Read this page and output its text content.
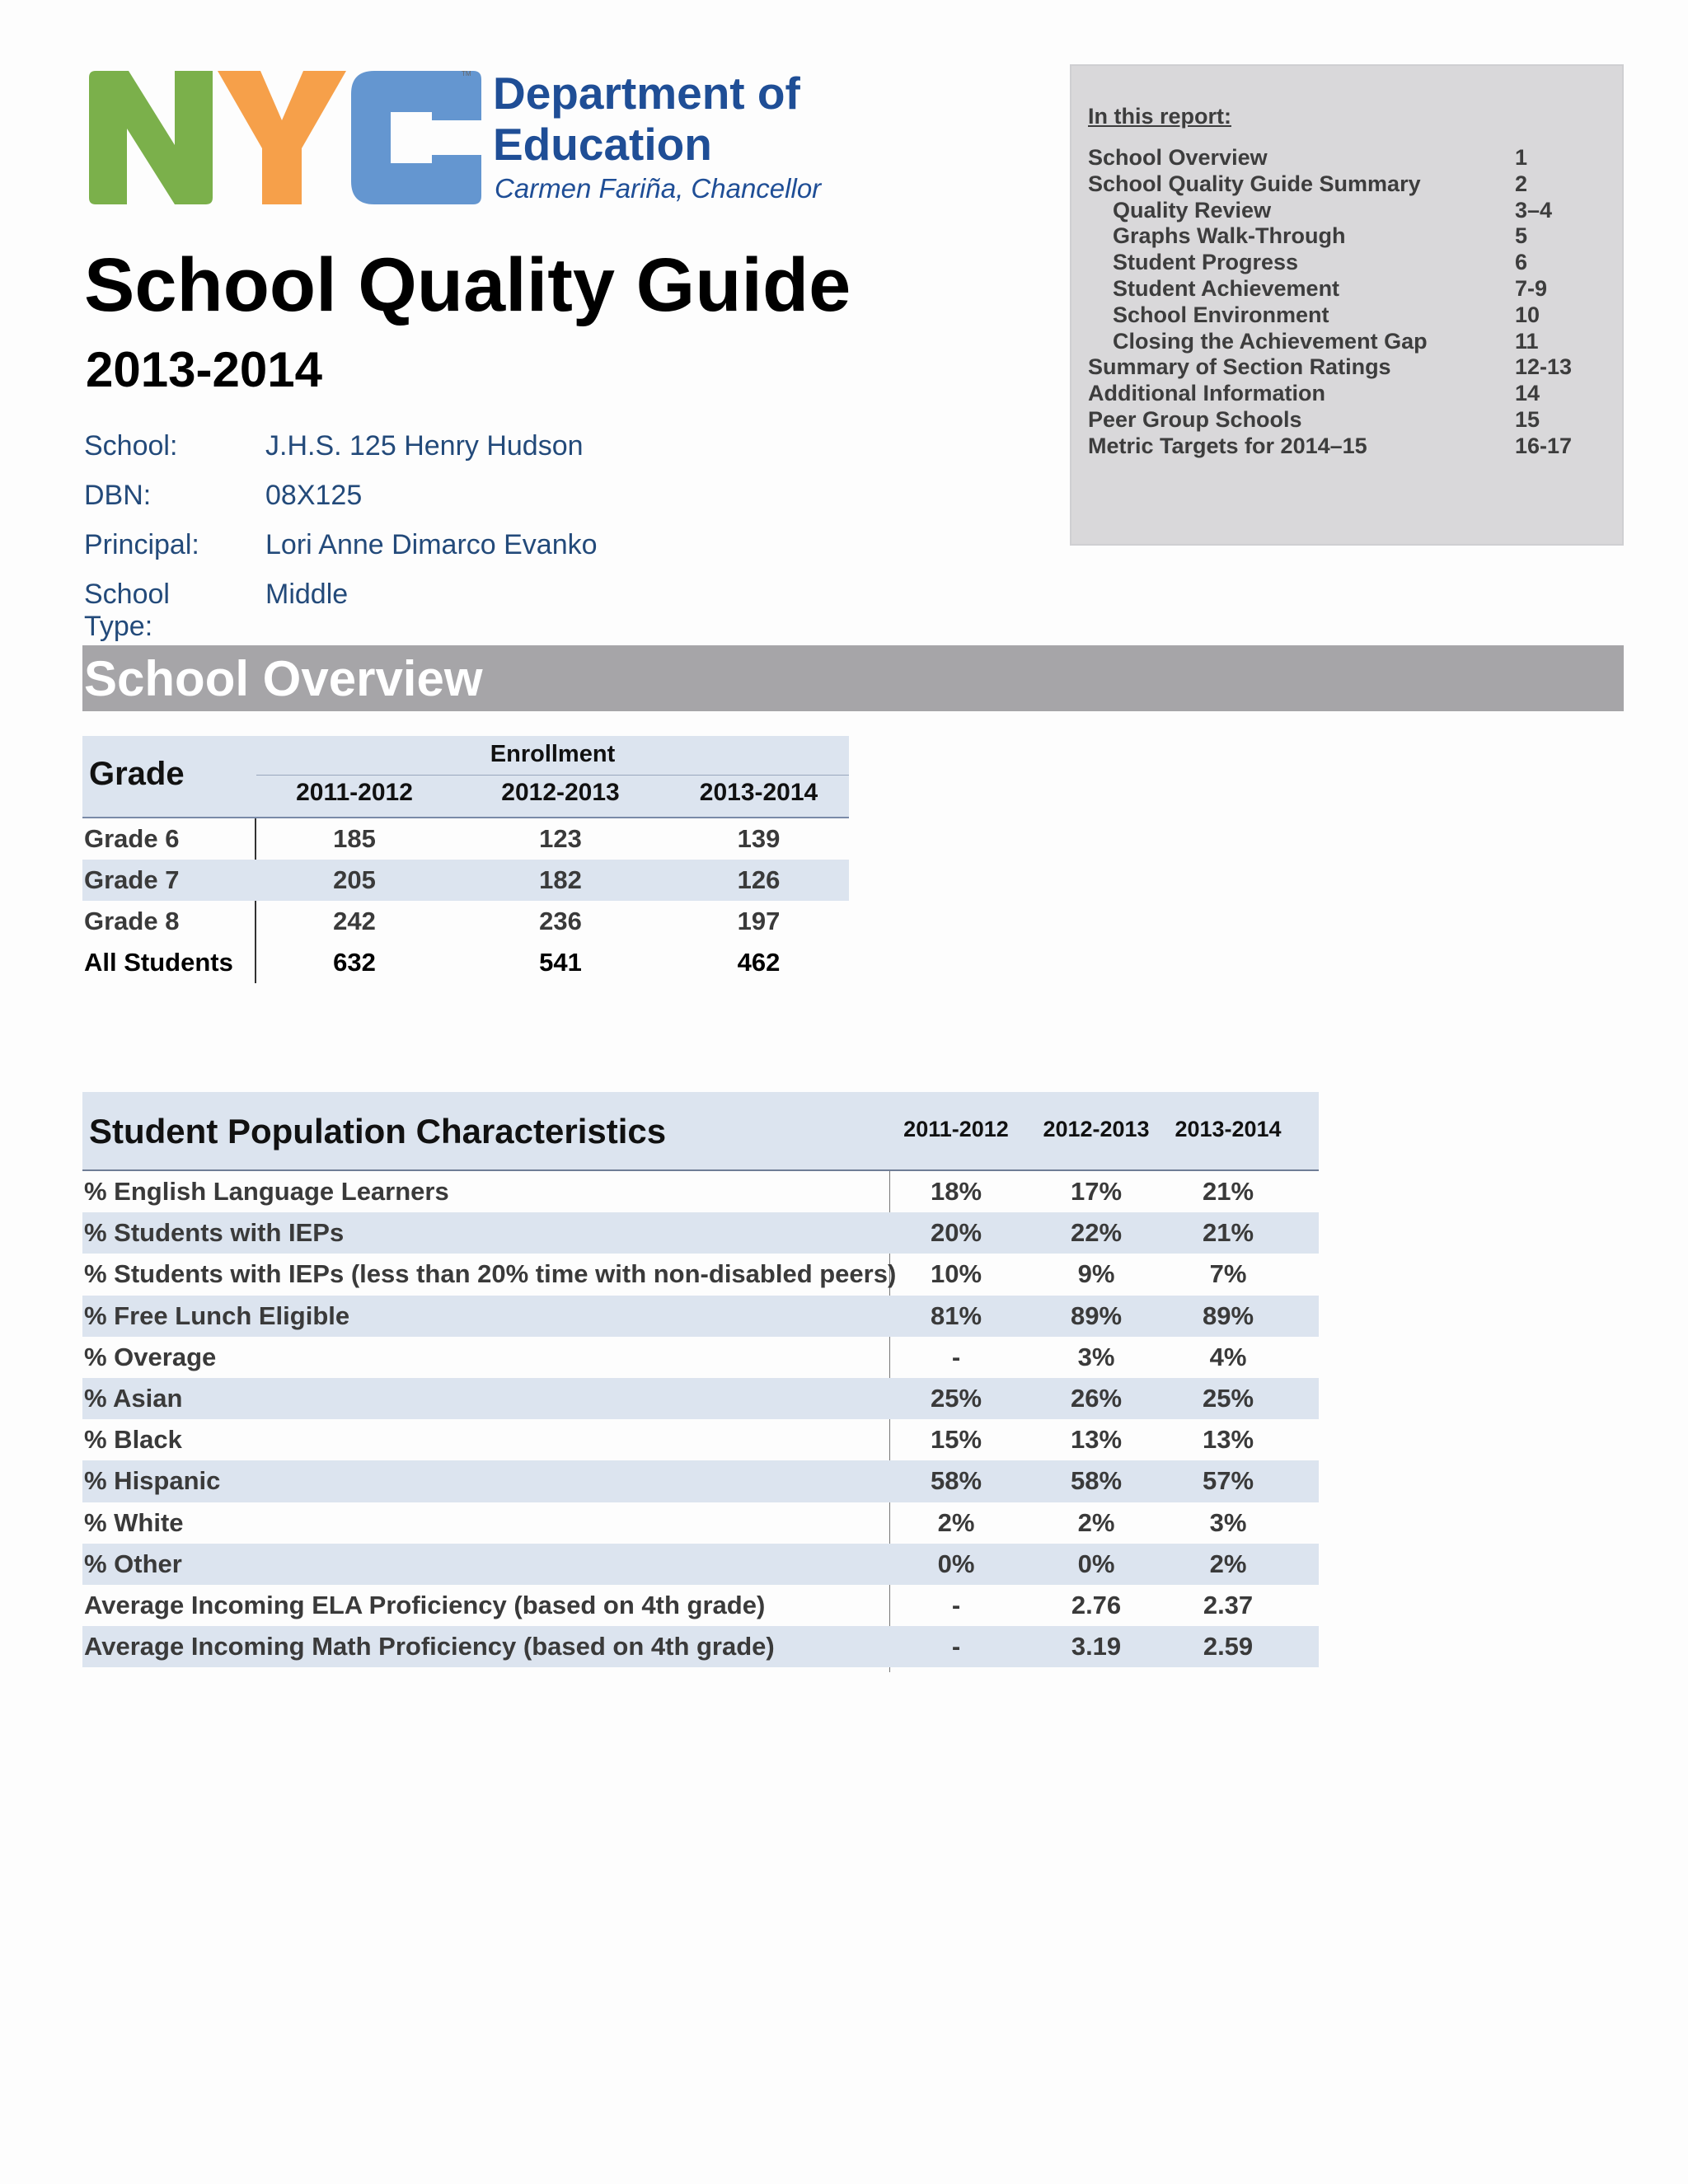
TM Department of
Education
Carmen Fariña, Chancellor
School Quality Guide
2013-2014
School:	J.H.S. 125 Henry Hudson
DBN:	08X125
Principal: Lori Anne Dimarco Evanko
School Type:
Middle
In this report:
School Overview	1
School Quality Guide Summary	2
Quality Review	3–4
Graphs Walk-Through	5
Student Progress	6
Student Achievement	7-9
School Environment	10
Closing the Achievement Gap	11
Summary of Section Ratings	12-13
Additional Information	14
Peer Group Schools	15
Metric Targets for 2014–15	16-17
School Overview
Grade
Enrollment
2011-2012	2012-2013	2013-2014
Grade 6	185	123	139
Grade 7	205	182	126
Grade 8	242	236	197
All Students	632	541	462
Student Population Characteristics	2011-2012	2012-2013	2013-2014
% English Language Learners	18%	17%	21%
% Students with IEPs	20%	22%	21%
% Students with IEPs (less than 20% time with non-disabled peers)	10%	9%	7%
% Free Lunch Eligible	81%	89%	89%
% Overage	-	3%	4%
% Asian	25%	26%	25%
% Black	15%	13%	13%
% Hispanic	58%	58%	57%
% White	2%	2%	3%
% Other	0%	0%	2%
Average Incoming ELA Proficiency (based on 4th grade)	-	2.76	2.37
Average Incoming Math Proficiency (based on 4th grade)	-	3.19	2.59
